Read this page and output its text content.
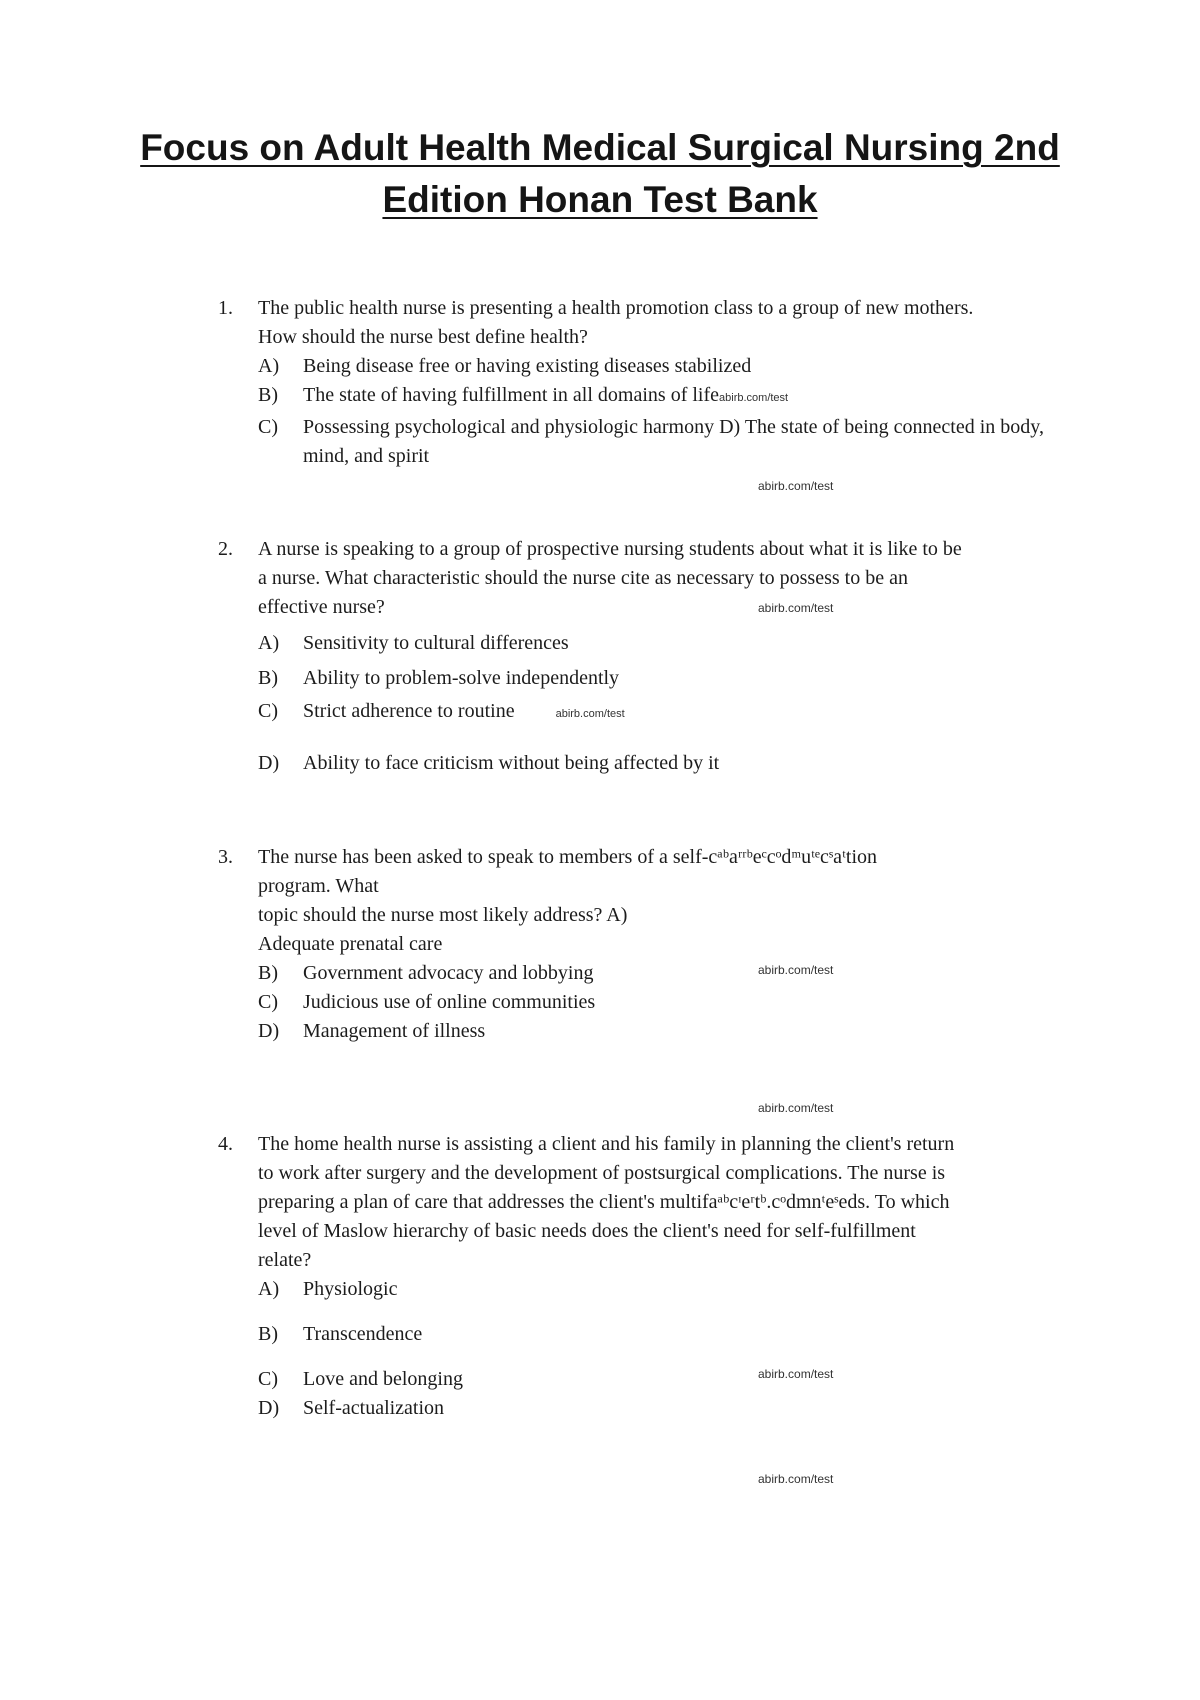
Focus on Adult Health Medical Surgical Nursing 2nd
Edition Honan Test Bank
1.	The public health nurse is presenting a health promotion class to a group of new mothers.
How should the nurse best define health?
A) Being disease free or having existing diseases stabilized
B) The state of having fulfillment in all domains of lifeabirb.com/test
C) Possessing psychological and physiologic harmony D) The state of being connected in body, mind, and spirit
abirb.com/test
2.	A nurse is speaking to a group of prospective nursing students about what it is like to be
a nurse. What characteristic should the nurse cite as necessary to possess to be an
effective nurse?
A) Sensitivity to cultural differences
B) Ability to problem-solve independently
C) Strict adherence to routine	abirb.com/test
D) Ability to face criticism without being affected by it
abirb.com/test
3.	The nurse has been asked to speak to members of a self-cᵃᵇaʳʳᵇeᶜcᵒdᵐuᵗᵉcˢaᵗtion
program. What
topic should the nurse most likely address? A)
Adequate prenatal care
B) Government advocacy and lobbying
C) Judicious use of online communities
D) Management of illness
abirb.com/test
abirb.com/test
4.	The home health nurse is assisting a client and his family in planning the client's return
to work after surgery and the development of postsurgical complications. The nurse is
preparing a plan of care that addresses the client's multifaᵃᵇcᶦeʳtᵇ.cᵒdmnᵗeˢeds. To which
level of Maslow hierarchy of basic needs does the client's need for self-fulfillment
relate?
A) Physiologic
B) Transcendence
C) Love and belonging
D) Self-actualization
abirb.com/test
abirb.com/test
